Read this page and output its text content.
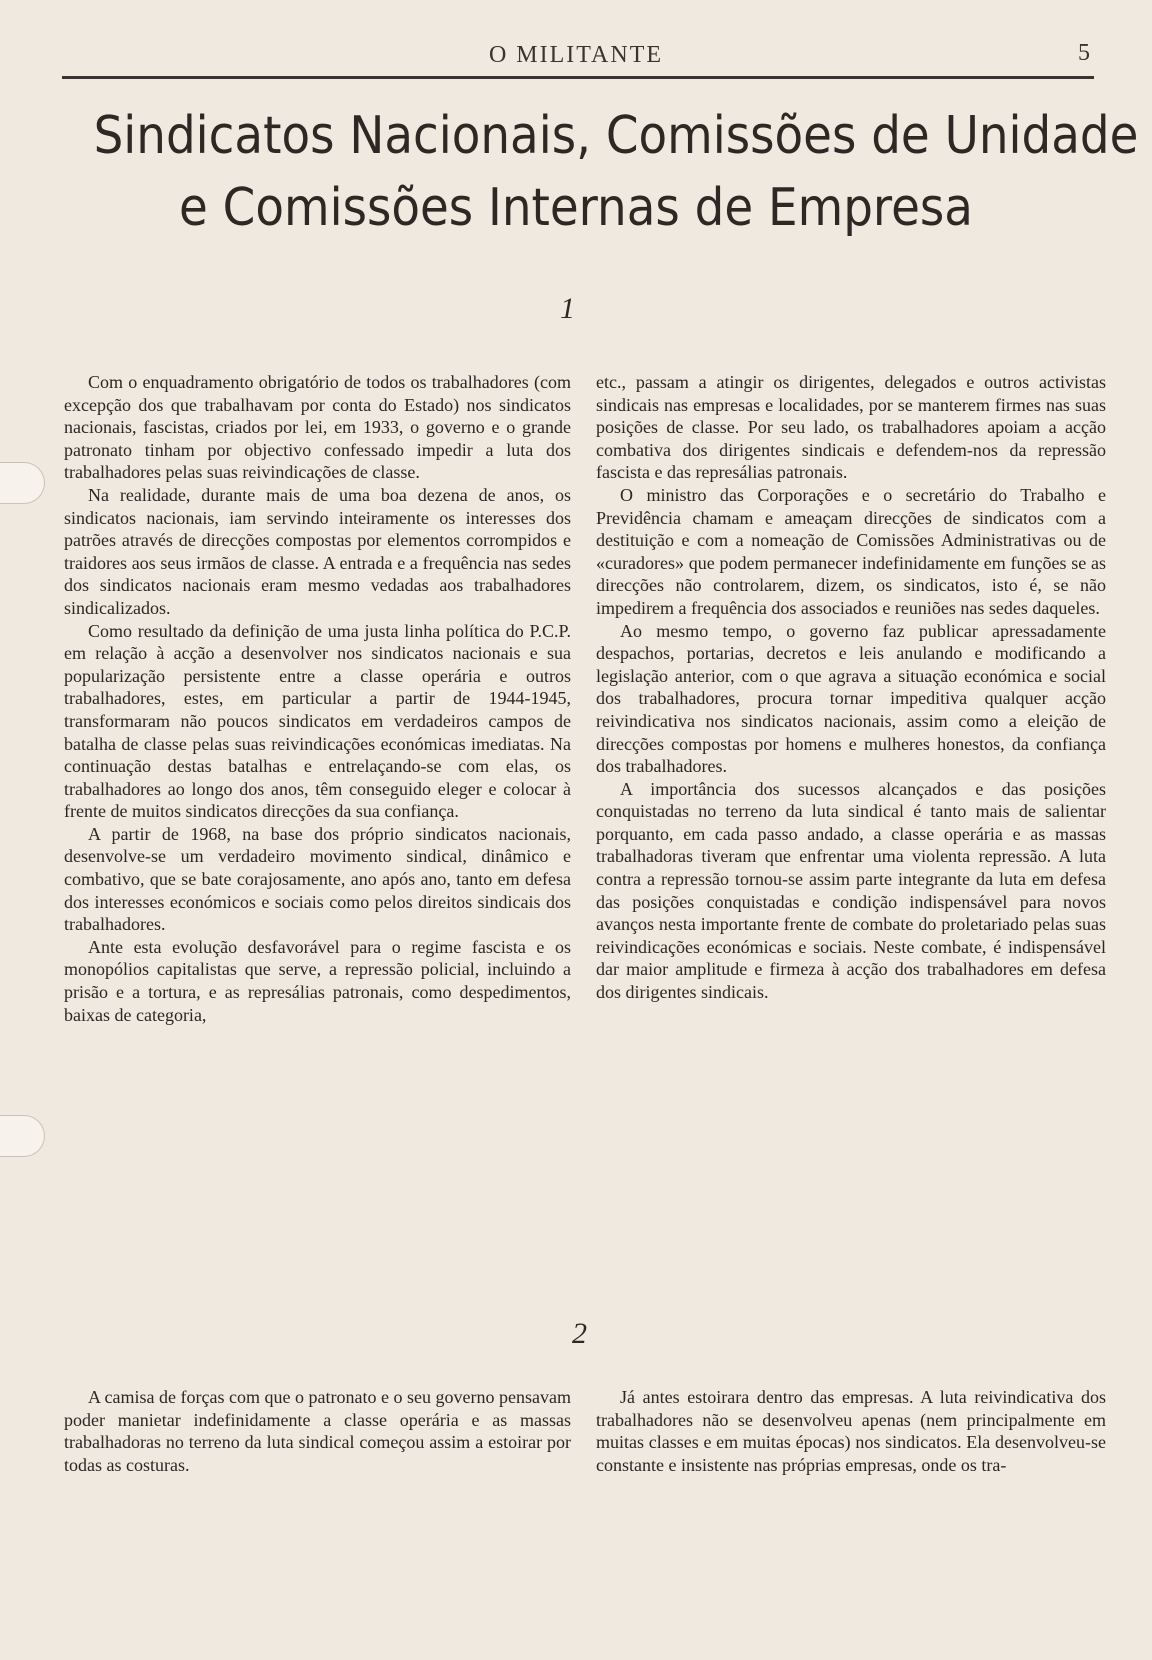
O MILITANTE	5
Sindicatos Nacionais, Comissões de Unidade
e Comissões Internas de Empresa
1

Com o enquadramento obrigatório de todos os trabalhadores (com excepção dos que trabalhavam por conta do Estado) nos sindicatos nacionais, fascistas, criados por lei, em 1933, o governo e o grande patronato tinham por objectivo confessado impedir a luta dos trabalhadores pelas suas reivindicações de classe.

Na realidade, durante mais de uma boa dezena de anos, os sindicatos nacionais, iam servindo inteiramente os interesses dos patrões através de direcções compostas por elementos corrompidos e traidores aos seus irmãos de classe. A entrada e a frequência nas sedes dos sindicatos nacionais eram mesmo vedadas aos trabalhadores sindicalizados.

Como resultado da definição de uma justa linha política do P.C.P. em relação à acção a desenvolver nos sindicatos nacionais e sua popularização persistente entre a classe operária e outros trabalhadores, estes, em particular a partir de 1944-1945, transformaram não poucos sindicatos em verdadeiros campos de batalha de classe pelas suas reivindicações económicas imediatas. Na continuação destas batalhas e entrelaçando-se com elas, os trabalhadores ao longo dos anos, têm conseguido eleger e colocar à frente de muitos sindicatos direcções da sua confiança.

A partir de 1968, na base dos próprio sindicatos nacionais, desenvolve-se um verdadeiro movimento sindical, dinâmico e combativo, que se bate corajosamente, ano após ano, tanto em defesa dos interesses económicos e sociais como pelos direitos sindicais dos trabalhadores.

Ante esta evolução desfavorável para o regime fascista e os monopólios capitalistas que serve, a repressão policial, incluindo a prisão e a tortura, e as represálias patronais, como despedimentos, baixas de categoria,

etc., passam a atingir os dirigentes, delegados e outros activistas sindicais nas empresas e localidades, por se manterem firmes nas suas posições de classe. Por seu lado, os trabalhadores apoiam a acção combativa dos dirigentes sindicais e defendem-nos da repressão fascista e das represálias patronais.

O ministro das Corporações e o secretário do Trabalho e Previdência chamam e ameaçam direcções de sindicatos com a destituição e com a nomeação de Comissões Administrativas ou de «curadores» que podem permanecer indefinidamente em funções se as direcções não controlarem, dizem, os sindicatos, isto é, se não impedirem a frequência dos associados e reuniões nas sedes daqueles.

Ao mesmo tempo, o governo faz publicar apressadamente despachos, portarias, decretos e leis anulando e modificando a legislação anterior, com o que agrava a situação económica e social dos trabalhadores, procura tornar impeditiva qualquer acção reivindicativa nos sindicatos nacionais, assim como a eleição de direcções compostas por homens e mulheres honestos, da confiança dos trabalhadores.

A importância dos sucessos alcançados e das posições conquistadas no terreno da luta sindical é tanto mais de salientar porquanto, em cada passo andado, a classe operária e as massas trabalhadoras tiveram que enfrentar uma violenta repressão. A luta contra a repressão tornou-se assim parte integrante da luta em defesa das posições conquistadas e condição indispensável para novos avanços nesta importante frente de combate do proletariado pelas suas reivindicações económicas e sociais. Neste combate, é indispensável dar maior amplitude e firmeza à acção dos trabalhadores em defesa dos dirigentes sindicais.

2

A camisa de forças com que o patronato e o seu governo pensavam poder manietar indefinidamente a classe operária e as massas trabalhadoras no terreno da luta sindical começou assim a estoirar por todas as costuras.

Já antes estoirara dentro das empresas. A luta reivindicativa dos trabalhadores não se desenvolveu apenas (nem principalmente em muitas classes e em muitas épocas) nos sindicatos. Ela desenvolveu-se constante e insistente nas próprias empresas, onde os tra-
